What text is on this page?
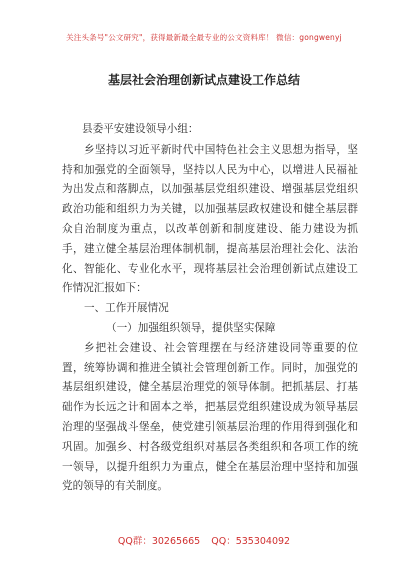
关注头条号"公文研究"，获得最新最全最专业的公文资料库！ 微信：gongwenyj
基层社会治理创新试点建设工作总结

县委平安建设领导小组：

乡坚持以习近平新时代中国特色社会主义思想为指导，坚持和加强党的全面领导，坚持以人民为中心，以增进人民福祉为出发点和落脚点，以加强基层党组织建设、增强基层党组织政治功能和组织力为关键，以加强基层政权建设和健全基层群众自治制度为重点，以改革创新和制度建设、能力建设为抓手，建立健全基层治理体制机制，提高基层治理社会化、法治化、智能化、专业化水平，现将基层社会治理创新试点建设工作情况汇报如下：

一、工作开展情况

（一）加强组织领导，提供坚实保障

乡把社会建设、社会管理摆在与经济建设同等重要的位置，统筹协调和推进全镇社会管理创新工作。同时，加强党的基层组织建设，健全基层治理党的领导体制。把抓基层、打基础作为长远之计和固本之举，把基层党组织建设成为领导基层治理的坚强战斗堡垒，使党建引领基层治理的作用得到强化和巩固。加强乡、村各级党组织对基层各类组织和各项工作的统一领导，以提升组织力为重点，健全在基层治理中坚持和加强党的领导的有关制度。

QQ群：30265665 QQ：535304092
